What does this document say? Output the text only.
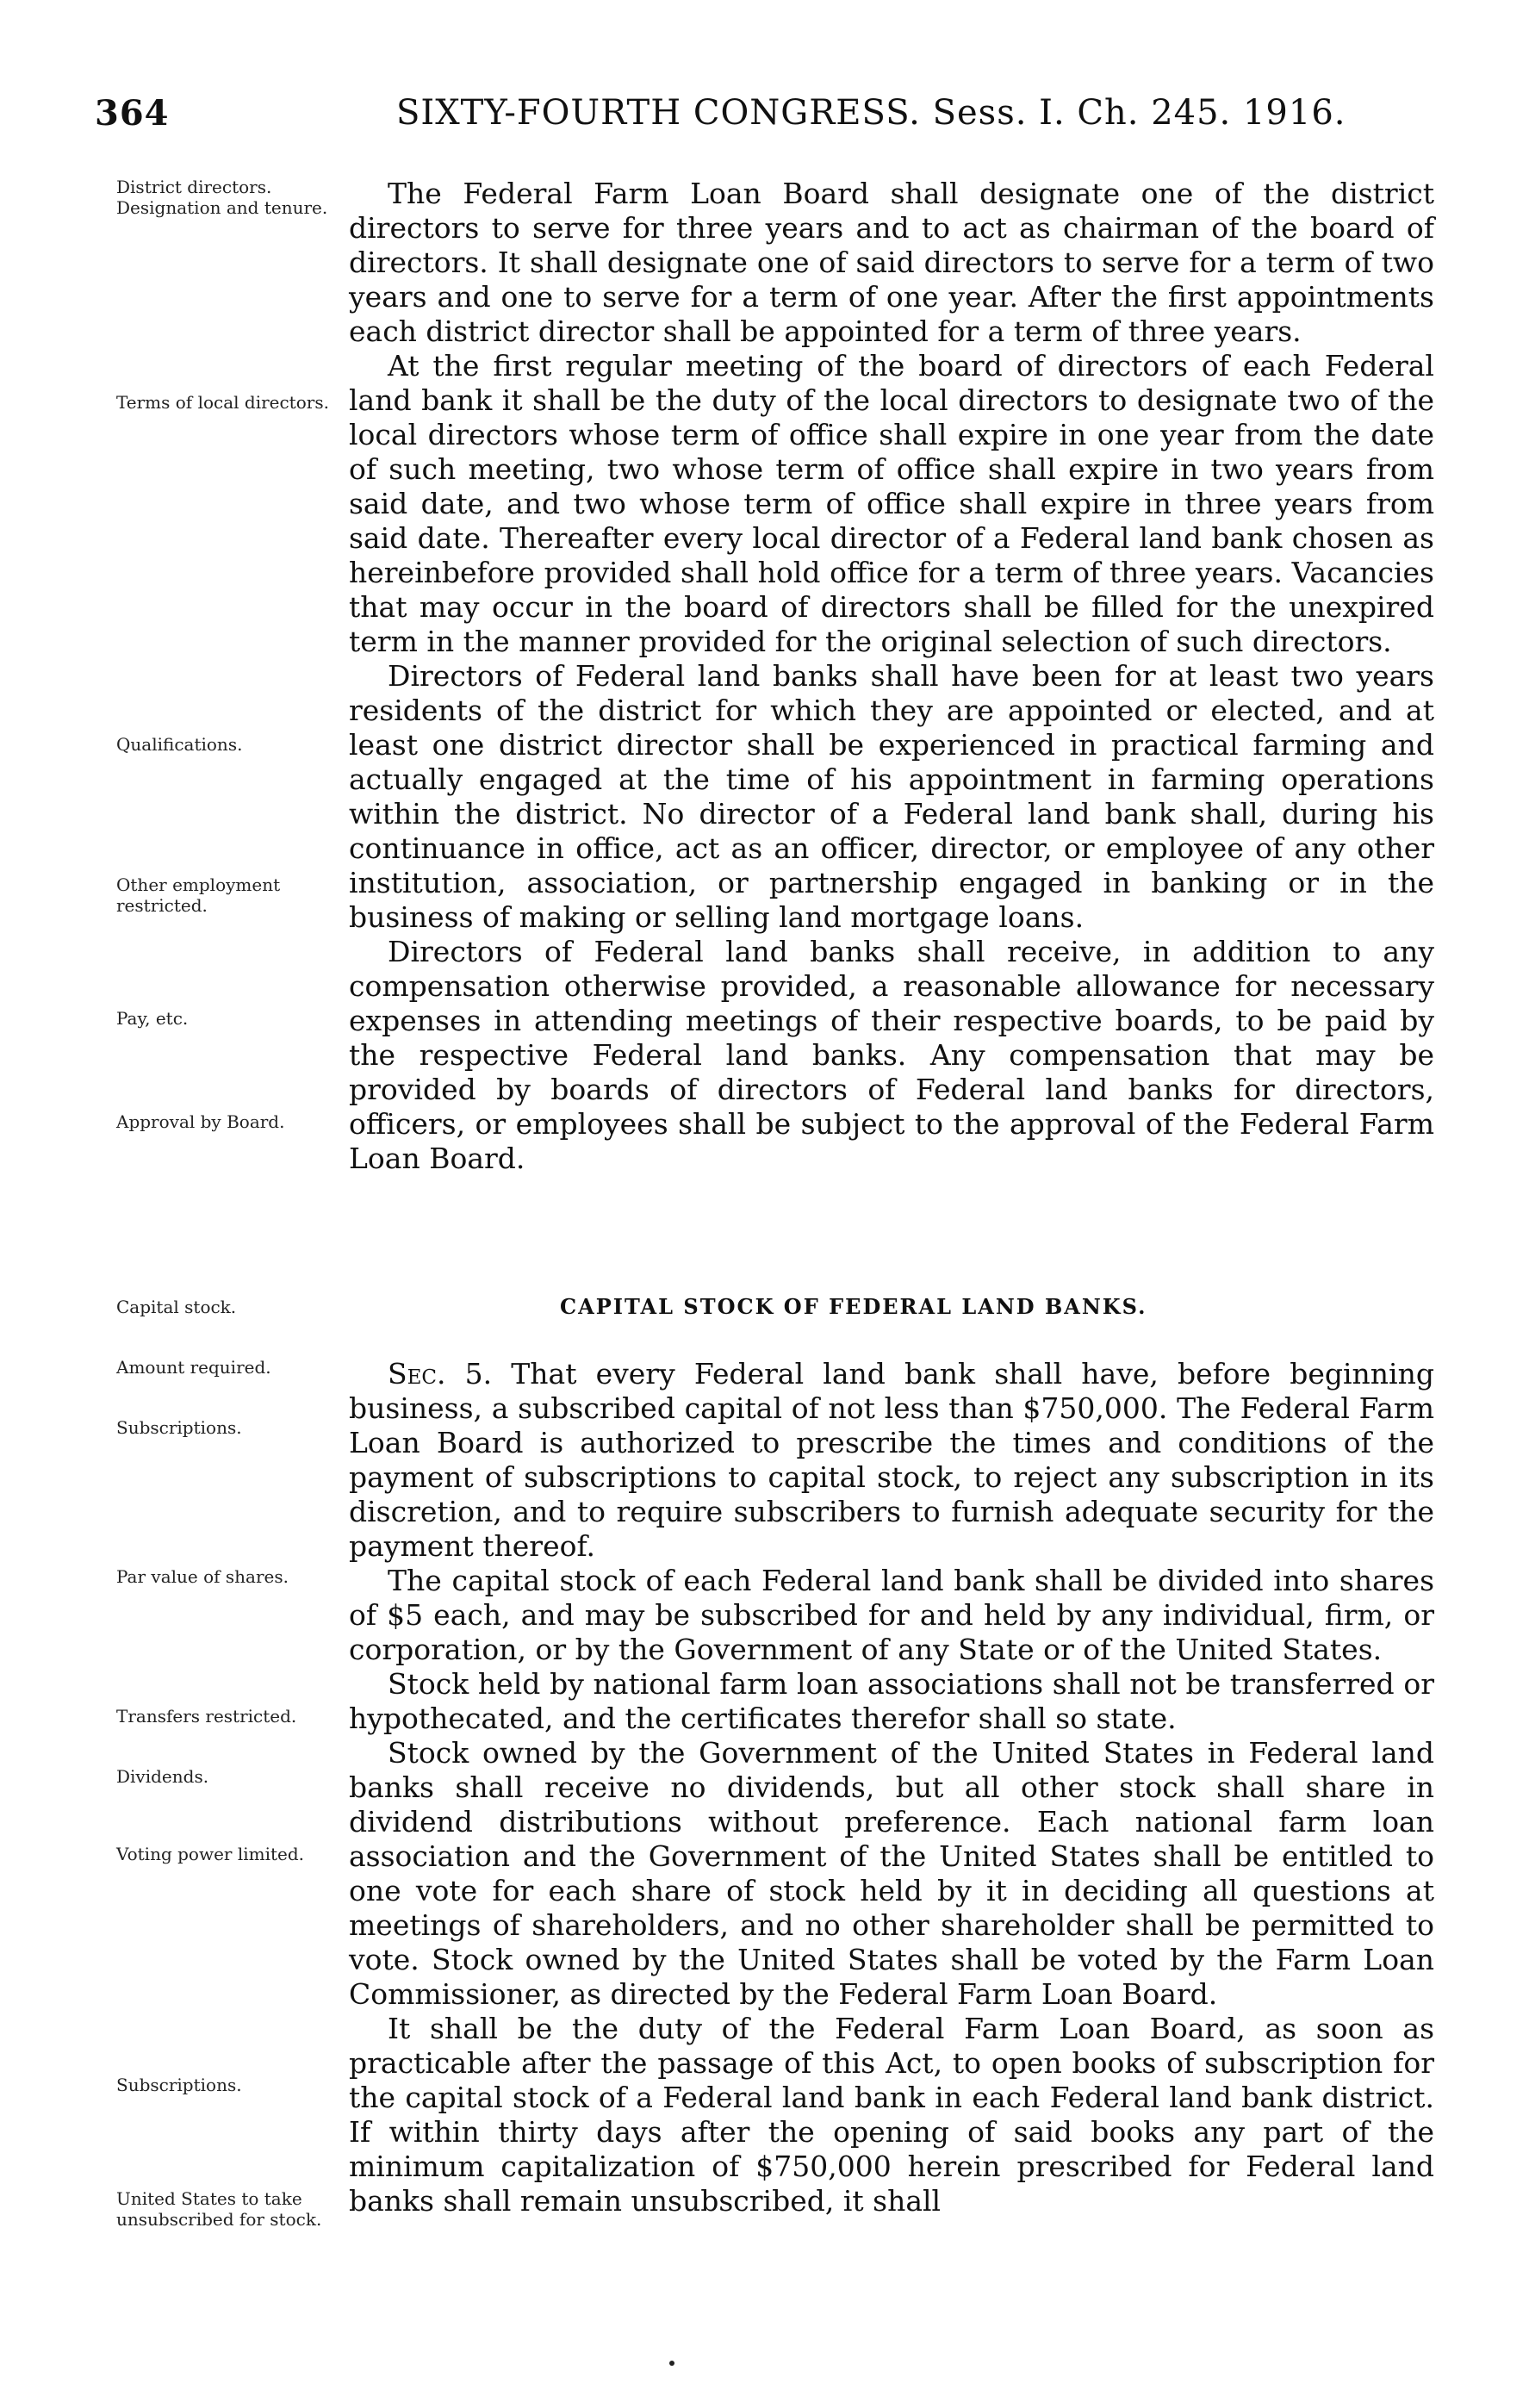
364	SIXTY-FOURTH CONGRESS. Sess. I. Ch. 245. 1916.
District directors. Designation and tenure.
Terms of local directors.
Qualifications.
Other employment restricted.
Pay, etc.
Approval by Board.
Capital stock.
Amount required.
Subscriptions.
Par value of shares.
Transfers restricted.
Dividends.
Voting power limited.
Subscriptions.
United States to take unsubscribed for stock.

The Federal Farm Loan Board shall designate one of the district directors to serve for three years and to act as chairman of the board of directors. It shall designate one of said directors to serve for a term of two years and one to serve for a term of one year. After the first appointments each district director shall be appointed for a term of three years.

At the first regular meeting of the board of directors of each Federal land bank it shall be the duty of the local directors to designate two of the local directors whose term of office shall expire in one year from the date of such meeting, two whose term of office shall expire in two years from said date, and two whose term of office shall expire in three years from said date. Thereafter every local director of a Federal land bank chosen as hereinbefore provided shall hold office for a term of three years. Vacancies that may occur in the board of directors shall be filled for the unexpired term in the manner provided for the original selection of such directors.

Directors of Federal land banks shall have been for at least two years residents of the district for which they are appointed or elected, and at least one district director shall be experienced in practical farming and actually engaged at the time of his appointment in farming operations within the district. No director of a Federal land bank shall, during his continuance in office, act as an officer, director, or employee of any other institution, association, or partnership engaged in banking or in the business of making or selling land mortgage loans.

Directors of Federal land banks shall receive, in addition to any compensation otherwise provided, a reasonable allowance for necessary expenses in attending meetings of their respective boards, to be paid by the respective Federal land banks. Any compensation that may be provided by boards of directors of Federal land banks for directors, officers, or employees shall be subject to the approval of the Federal Farm Loan Board.

CAPITAL STOCK OF FEDERAL LAND BANKS.

Sec. 5. That every Federal land bank shall have, before beginning business, a subscribed capital of not less than $750,000. The Federal Farm Loan Board is authorized to prescribe the times and conditions of the payment of subscriptions to capital stock, to reject any subscription in its discretion, and to require subscribers to furnish adequate security for the payment thereof.

The capital stock of each Federal land bank shall be divided into shares of $5 each, and may be subscribed for and held by any individual, firm, or corporation, or by the Government of any State or of the United States.

Stock held by national farm loan associations shall not be transferred or hypothecated, and the certificates therefor shall so state.

Stock owned by the Government of the United States in Federal land banks shall receive no dividends, but all other stock shall share in dividend distributions without preference. Each national farm loan association and the Government of the United States shall be entitled to one vote for each share of stock held by it in deciding all questions at meetings of shareholders, and no other shareholder shall be permitted to vote. Stock owned by the United States shall be voted by the Farm Loan Commissioner, as directed by the Federal Farm Loan Board.

It shall be the duty of the Federal Farm Loan Board, as soon as practicable after the passage of this Act, to open books of subscription for the capital stock of a Federal land bank in each Federal land bank district. If within thirty days after the opening of said books any part of the minimum capitalization of $750,000 herein prescribed for Federal land banks shall remain unsubscribed, it shall
